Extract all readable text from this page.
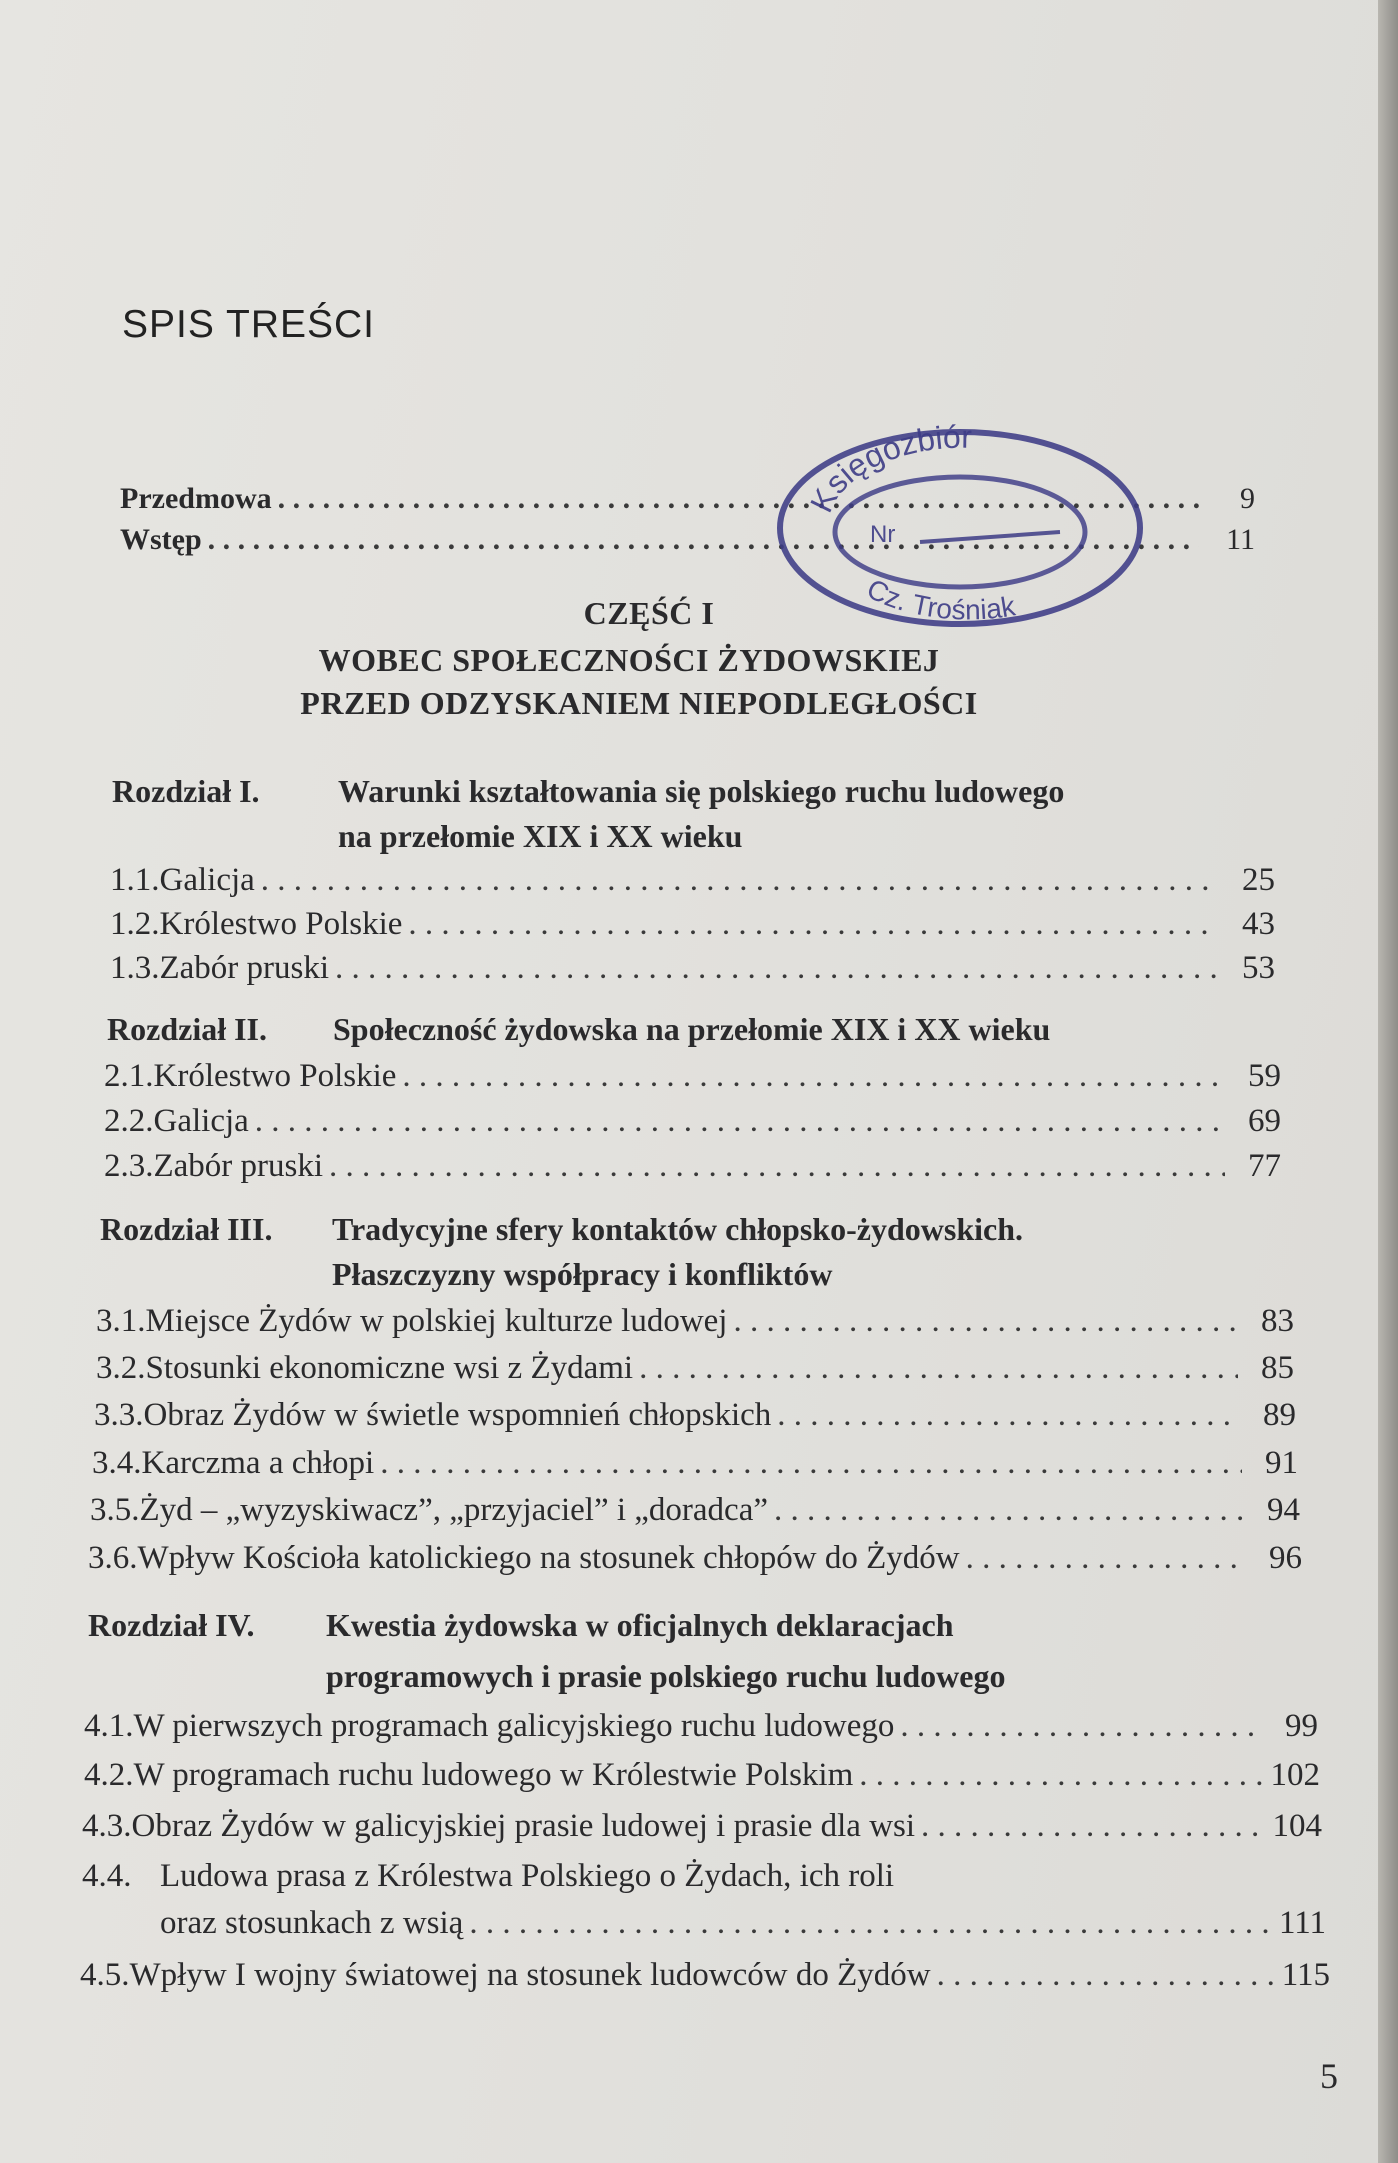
SPIS TREŚCI
Przedmowa . . .	9
Wstęp . . .	11
CZĘŚĆ I
WOBEC SPOŁECZNOŚCI ŻYDOWSKIEJ
PRZED ODZYSKANIEM NIEPODLEGŁOŚCI
Rozdział I. Warunki kształtowania się polskiego ruchu ludowego
na przełomie XIX i XX wieku
1.1. Galicja . . .	25
1.2. Królestwo Polskie . . .	43
1.3. Zabór pruski . . .	53
Rozdział II. Społeczność żydowska na przełomie XIX i XX wieku
2.1. Królestwo Polskie . . .	59
2.2. Galicja . . .	69
2.3. Zabór pruski . . .	77
Rozdział III. Tradycyjne sfery kontaktów chłopsko-żydowskich.
Płaszczyzny współpracy i konfliktów
3.1. Miejsce Żydów w polskiej kulturze ludowej . . .	83
3.2. Stosunki ekonomiczne wsi z Żydami . . .	85
3.3. Obraz Żydów w świetle wspomnień chłopskich . . .	89
3.4. Karczma a chłopi . . .	91
3.5. Żyd – „wyzyskiwacz”, „przyjaciel” i „doradca” . . .	94
3.6. Wpływ Kościoła katolickiego na stosunek chłopów do Żydów . . .	96
Rozdział IV. Kwestia żydowska w oficjalnych deklaracjach
programowych i prasie polskiego ruchu ludowego
4.1. W pierwszych programach galicyjskiego ruchu ludowego . . .	99
4.2. W programach ruchu ludowego w Królestwie Polskim . . .	102
4.3. Obraz Żydów w galicyjskiej prasie ludowej i prasie dla wsi . . .	104
4.4. Ludowa prasa z Królestwa Polskiego o Żydach, ich roli
oraz stosunkach z wsią . . .	111
4.5. Wpływ I wojny światowej na stosunek ludowców do Żydów . . .	115
Księgozbiór
Nr
Cz. Trośniak
5
